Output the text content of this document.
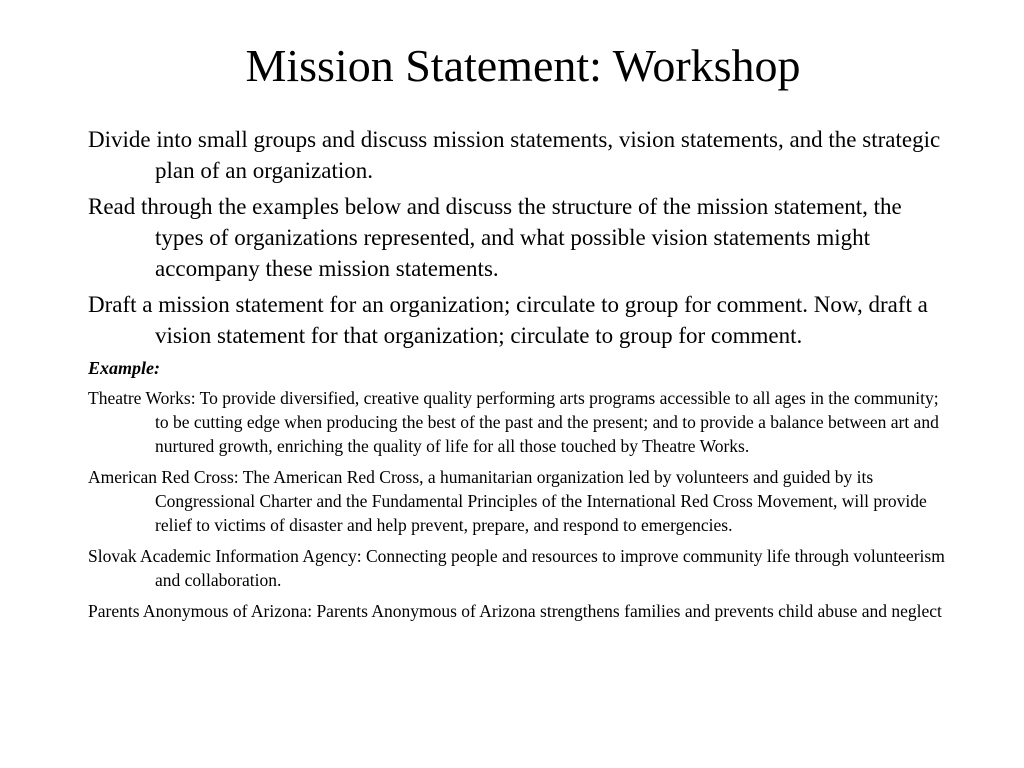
Mission Statement: Workshop

Divide into small groups and discuss mission statements, vision statements, and the strategic plan of an organization.

Read through the examples below and discuss the structure of the mission statement, the types of organizations represented, and what possible vision statements might accompany these mission statements.

Draft a mission statement for an organization; circulate to group for comment. Now, draft a vision statement for that organization; circulate to group for comment.

Example:

Theatre Works: To provide diversified, creative quality performing arts programs accessible to all ages in the community; to be cutting edge when producing the best of the past and the present; and to provide a balance between art and nurtured growth, enriching the quality of life for all those touched by Theatre Works.

American Red Cross: The American Red Cross, a humanitarian organization led by volunteers and guided by its Congressional Charter and the Fundamental Principles of the International Red Cross Movement, will provide relief to victims of disaster and help prevent, prepare, and respond to emergencies.

Slovak Academic Information Agency: Connecting people and resources to improve community life through volunteerism and collaboration.

Parents Anonymous of Arizona: Parents Anonymous of Arizona strengthens families and prevents child abuse and neglect
